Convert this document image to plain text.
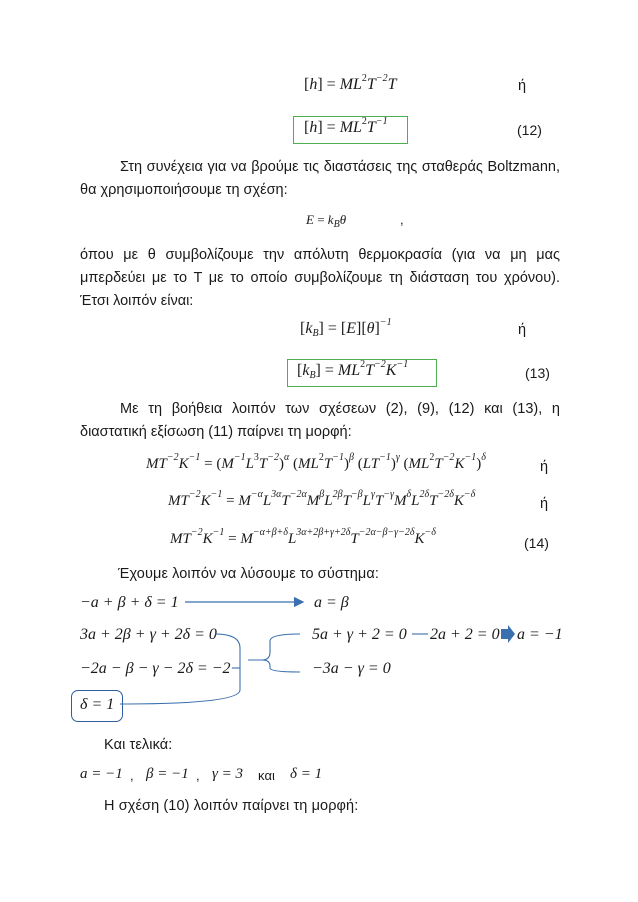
$[h] = ML^2T^{-2}T$	ή
$[h] = ML^2T^{-1}$
(12)
Στη συνέχεια για να βρούμε τις διαστάσεις της σταθεράς Boltzmann, θα χρησιμοποιήσουμε τη σχέση:
$E = k_B\theta$	,
όπου με θ συμβολίζουμε την απόλυτη θερμοκρασία (για να μη μας μπερδεύει με το Τ με το οποίο συμβολίζουμε τη διάσταση του χρόνου). Έτσι λοιπόν είναι:
$[k_B] = [E][\theta]^{-1}$	ή
$[k_B] = ML^2T^{-2}K^{-1}$
(13)
Με τη βοήθεια λοιπόν των σχέσεων (2), (9), (12) και (13), η διαστατική εξίσωση (11) παίρνει τη μορφή:
$MT^{-2}K^{-1} = (M^{-1}L^3T^{-2})^\alpha$ $(ML^2T^{-1})^\beta$ $(LT^{-1})^\gamma$ $(ML^2T^{-2}K^{-1})^\delta$
ή
$MT^{-2}K^{-1} = M^{-\alpha}L^{3\alpha}T^{-2\alpha}M^\beta L^{2\beta}T^{-\beta}L^\gamma T^{-\gamma}M^\delta L^{2\delta}T^{-2\delta}K^{-\delta}$
ή
$MT^{-2}K^{-1} = M^{-\alpha+\beta+\delta}L^{3\alpha+2\beta+\gamma+2\delta}T^{-2\alpha-\beta-\gamma-2\delta}K^{-\delta}$
(14)
Έχουμε λοιπόν να λύσουμε το σύστημα:
−a + β + δ = 1
3a + 2β + γ + 2δ = 0
−2a − β − γ − 2δ = −2
δ = 1
a = β
5a + γ + 2 = 0
−3a − γ = 0
2a + 2 = 0 a = −1
Και τελικά:
a = −1 , β = −1 , γ = 3 και δ = 1
Η σχέση (10) λοιπόν παίρνει τη μορφή:
